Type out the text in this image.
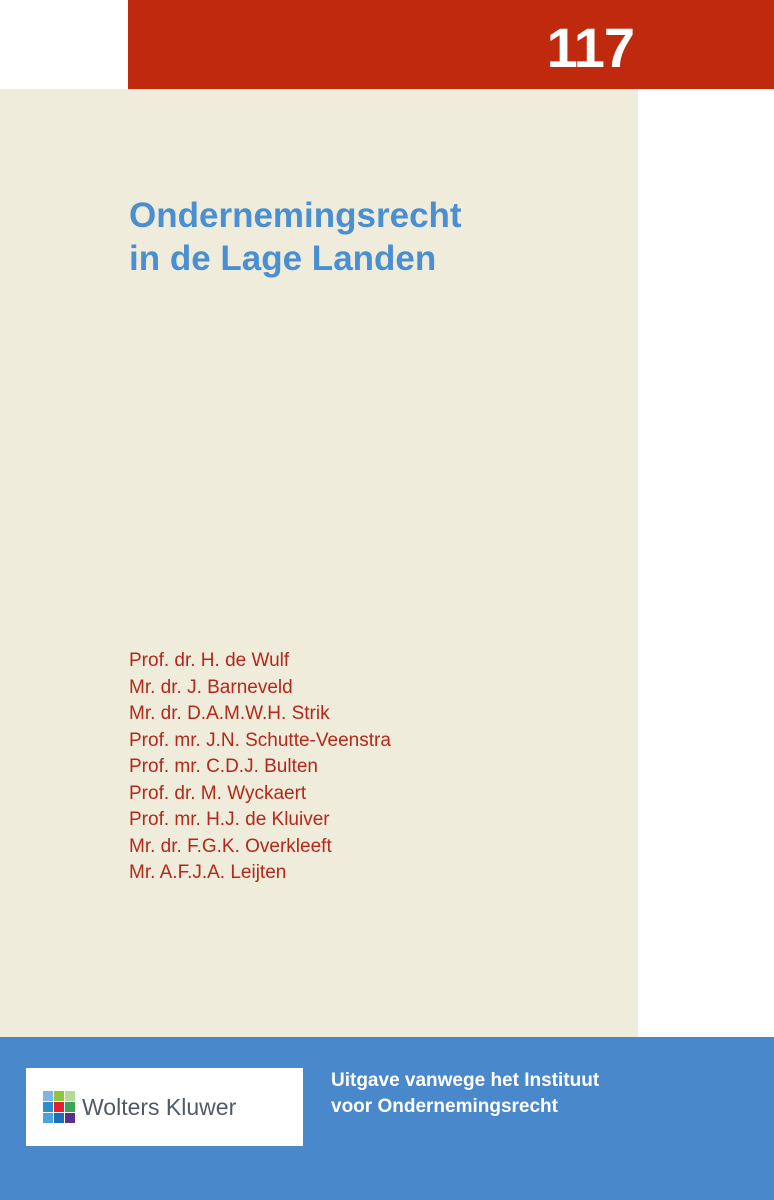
117
Ondernemingsrecht
in de Lage Landen
Prof. dr. H. de Wulf
Mr. dr. J. Barneveld
Mr. dr. D.A.M.W.H. Strik
Prof. mr. J.N. Schutte-Veenstra
Prof. mr. C.D.J. Bulten
Prof. dr. M. Wyckaert
Prof. mr. H.J. de Kluiver
Mr. dr. F.G.K. Overkleeft
Mr. A.F.J.A. Leijten
Wolters Kluwer
Uitgave vanwege het Instituut
voor Ondernemingsrecht
